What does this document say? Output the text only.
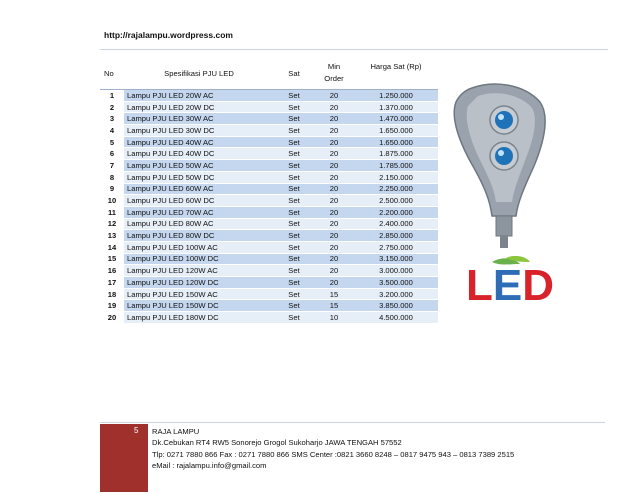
http://rajalampu.wordpress.com
No	Spesifikasi PJU LED	Sat	Min
Order	Harga Sat (Rp)
1	Lampu PJU LED 20W AC	Set	20	1.250.000
2	Lampu PJU LED 20W DC	Set	20	1.370.000
3	Lampu PJU LED 30W AC	Set	20	1.470.000
4	Lampu PJU LED 30W DC	Set	20	1.650.000
5	Lampu PJU LED 40W AC	Set	20	1.650.000
6	Lampu PJU LED 40W DC	Set	20	1.875.000
7	Lampu PJU LED 50W AC	Set	20	1.785.000
8	Lampu PJU LED 50W DC	Set	20	2.150.000
9	Lampu PJU LED 60W AC	Set	20	2.250.000
10	Lampu PJU LED 60W DC	Set	20	2.500.000
11	Lampu PJU LED 70W AC	Set	20	2.200.000
12	Lampu PJU LED 80W AC	Set	20	2.400.000
13	Lampu PJU LED 80W DC	Set	20	2.850.000
14	Lampu PJU LED 100W AC	Set	20	2.750.000
15	Lampu PJU LED 100W DC	Set	20	3.150.000
16	Lampu PJU LED 120W AC	Set	20	3.000.000
17	Lampu PJU LED 120W DC	Set	20	3.500.000
18	Lampu PJU LED 150W AC	Set	15	3.200.000
19	Lampu PJU LED 150W DC	Set	15	3.850.000
20	Lampu PJU LED 180W DC	Set	10	4.500.000
LED
5 RAJA LAMPU
Dk.Cebukan RT4 RW5 Sonorejo Grogol Sukoharjo JAWA TENGAH 57552
Tlp: 0271 7880 866 Fax : 0271 7880 866 SMS Center :0821 3660 8248 – 0817 9475 943 – 0813 7389 2515
eMail : rajalampu.info@gmail.com
